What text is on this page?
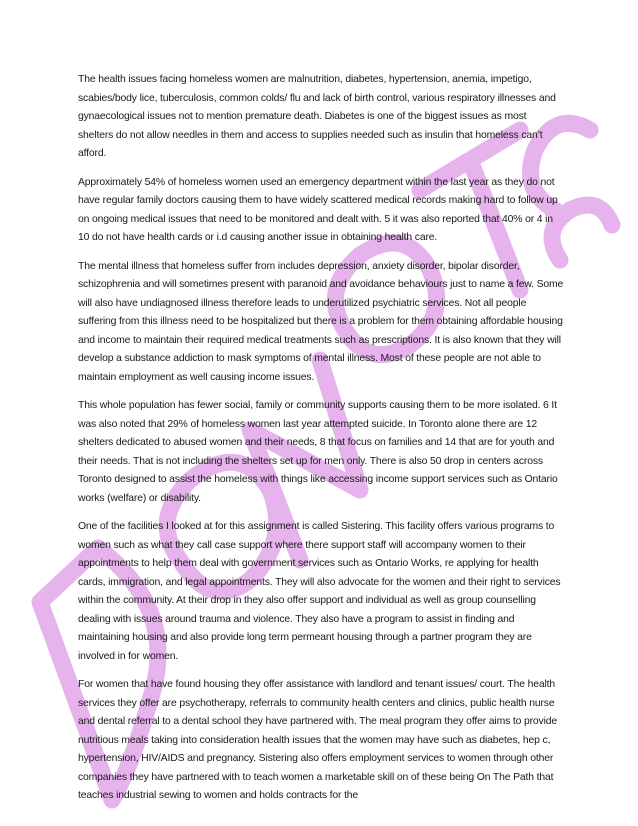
The health issues facing homeless women are malnutrition, diabetes, hypertension, anemia, impetigo, scabies/body lice, tuberculosis, common colds/ flu and lack of birth control, various respiratory illnesses and gynaecological issues not to mention premature death. Diabetes is one of the biggest issues as most shelters do not allow needles in them and access to supplies needed such as insulin that homeless can’t afford.

Approximately 54% of homeless women used an emergency department within the last year as they do not have regular family doctors causing them to have widely scattered medical records making hard to follow up on ongoing medical issues that need to be monitored and dealt with. 5 it was also reported that 40% or 4 in 10 do not have health cards or i.d causing another issue in obtaining health care.

The mental illness that homeless suffer from includes depression, anxiety disorder, bipolar disorder, schizophrenia and will sometimes present with paranoid and avoidance behaviours just to name a few. Some will also have undiagnosed illness therefore leads to underutilized psychiatric services. Not all people suffering from this illness need to be hospitalized but there is a problem for them obtaining affordable housing and income to maintain their required medical treatments such as prescriptions. It is also known that they will develop a substance addiction to mask symptoms of mental illness. Most of these people are not able to maintain employment as well causing income issues.

This whole population has fewer social, family or community supports causing them to be more isolated. 6 It was also noted that 29% of homeless women last year attempted suicide. In Toronto alone there are 12 shelters dedicated to abused women and their needs, 8 that focus on families and 14 that are for youth and their needs. That is not including the shelters set up for men only. There is also 50 drop in centers across Toronto designed to assist the homeless with things like accessing income support services such as Ontario works (welfare) or disability.

One of the facilities I looked at for this assignment is called Sistering. This facility offers various programs to women such as what they call case support where there support staff will accompany women to their appointments to help them deal with government services such as Ontario Works, re applying for health cards, immigration, and legal appointments. They will also advocate for the women and their right to services within the community. At their drop in they also offer support and individual as well as group counselling dealing with issues around trauma and violence. They also have a program to assist in finding and maintaining housing and also provide long term permeant housing through a partner program they are involved in for women.

For women that have found housing they offer assistance with landlord and tenant issues/ court. The health services they offer are psychotherapy, referrals to community health centers and clinics, public health nurse and dental referral to a dental school they have partnered with. The meal program they offer aims to provide nutritious meals taking into consideration health issues that the women may have such as diabetes, hep c, hypertension, HIV/AIDS and pregnancy. Sistering also offers employment services to women through other companies they have partnered with to teach women a marketable skill on of these being On The Path that teaches industrial sewing to women and holds contracts for the
